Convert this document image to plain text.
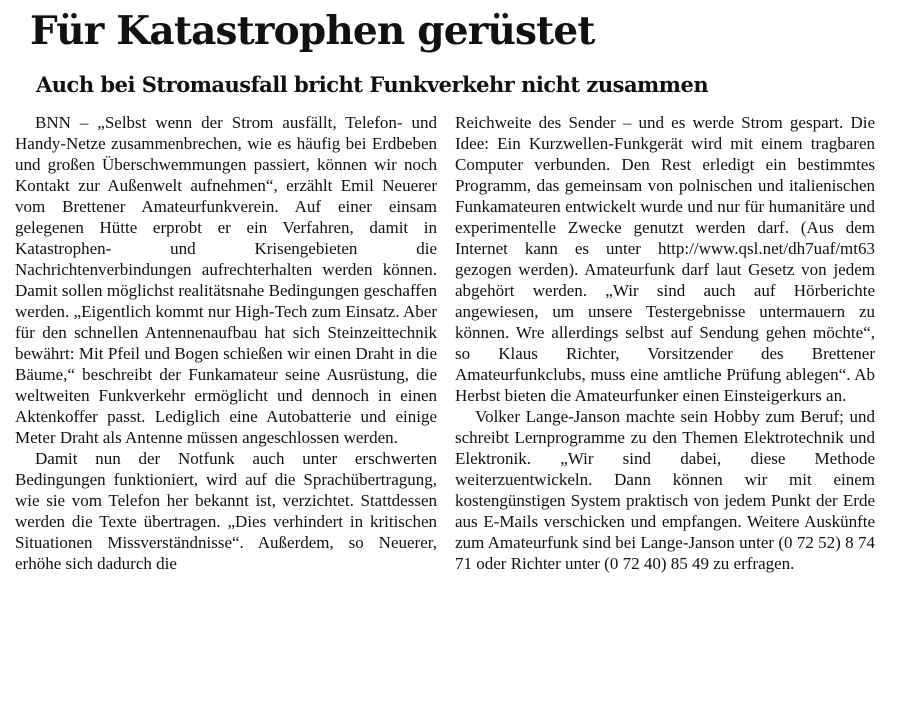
Für Katastrophen gerüstet
Auch bei Stromausfall bricht Funkverkehr nicht zusammen

BNN – „Selbst wenn der Strom ausfällt, Telefon- und Handy-Netze zusammenbrechen, wie es häufig bei Erdbeben und großen Überschwemmungen passiert, können wir noch Kontakt zur Außenwelt aufnehmen“, erzählt Emil Neuerer vom Brettener Amateurfunkverein. Auf einer einsam gelegenen Hütte erprobt er ein Verfahren, damit in Katastrophen- und Krisengebieten die Nachrichtenverbindungen aufrechterhalten werden können. Damit sollen möglichst realitätsnahe Bedingungen geschaffen werden. „Eigentlich kommt nur High-Tech zum Einsatz. Aber für den schnellen Antennenaufbau hat sich Steinzeittechnik bewährt: Mit Pfeil und Bogen schießen wir einen Draht in die Bäume,“ beschreibt der Funkamateur seine Ausrüstung, die weltweiten Funkverkehr ermöglicht und dennoch in einen Aktenkoffer passt. Lediglich eine Autobatterie und einige Meter Draht als Antenne müssen angeschlossen werden.

Damit nun der Notfunk auch unter erschwerten Bedingungen funktioniert, wird auf die Sprachübertragung, wie sie vom Telefon her bekannt ist, verzichtet. Stattdessen werden die Texte übertragen. „Dies verhindert in kritischen Situationen Missverständnisse“. Außerdem, so Neuerer, erhöhe sich dadurch die

Reichweite des Sender – und es werde Strom gespart. Die Idee: Ein Kurzwellen-Funkgerät wird mit einem tragbaren Computer verbunden. Den Rest erledigt ein bestimmtes Programm, das gemeinsam von polnischen und italienischen Funkamateuren entwickelt wurde und nur für humanitäre und experimentelle Zwecke genutzt werden darf. (Aus dem Internet kann es unter http://www.qsl.net/dh7uaf/mt63 gezogen werden). Amateurfunk darf laut Gesetz von jedem abgehört werden. „Wir sind auch auf Hörberichte angewiesen, um unsere Testergebnisse untermauern zu können. Wre allerdings selbst auf Sendung gehen möchte“, so Klaus Richter, Vorsitzender des Brettener Amateurfunkclubs, muss eine amtliche Prüfung ablegen“. Ab Herbst bieten die Amateurfunker einen Einsteigerkurs an.

Volker Lange-Janson machte sein Hobby zum Beruf; und schreibt Lernprogramme zu den Themen Elektrotechnik und Elektronik. „Wir sind dabei, diese Methode weiterzuentwickeln. Dann können wir mit einem kostengünstigen System praktisch von jedem Punkt der Erde aus E-Mails verschicken und empfangen. Weitere Auskünfte zum Amateurfunk sind bei Lange-Janson unter (0 72 52) 8 74 71 oder Richter unter (0 72 40) 85 49 zu erfragen.
